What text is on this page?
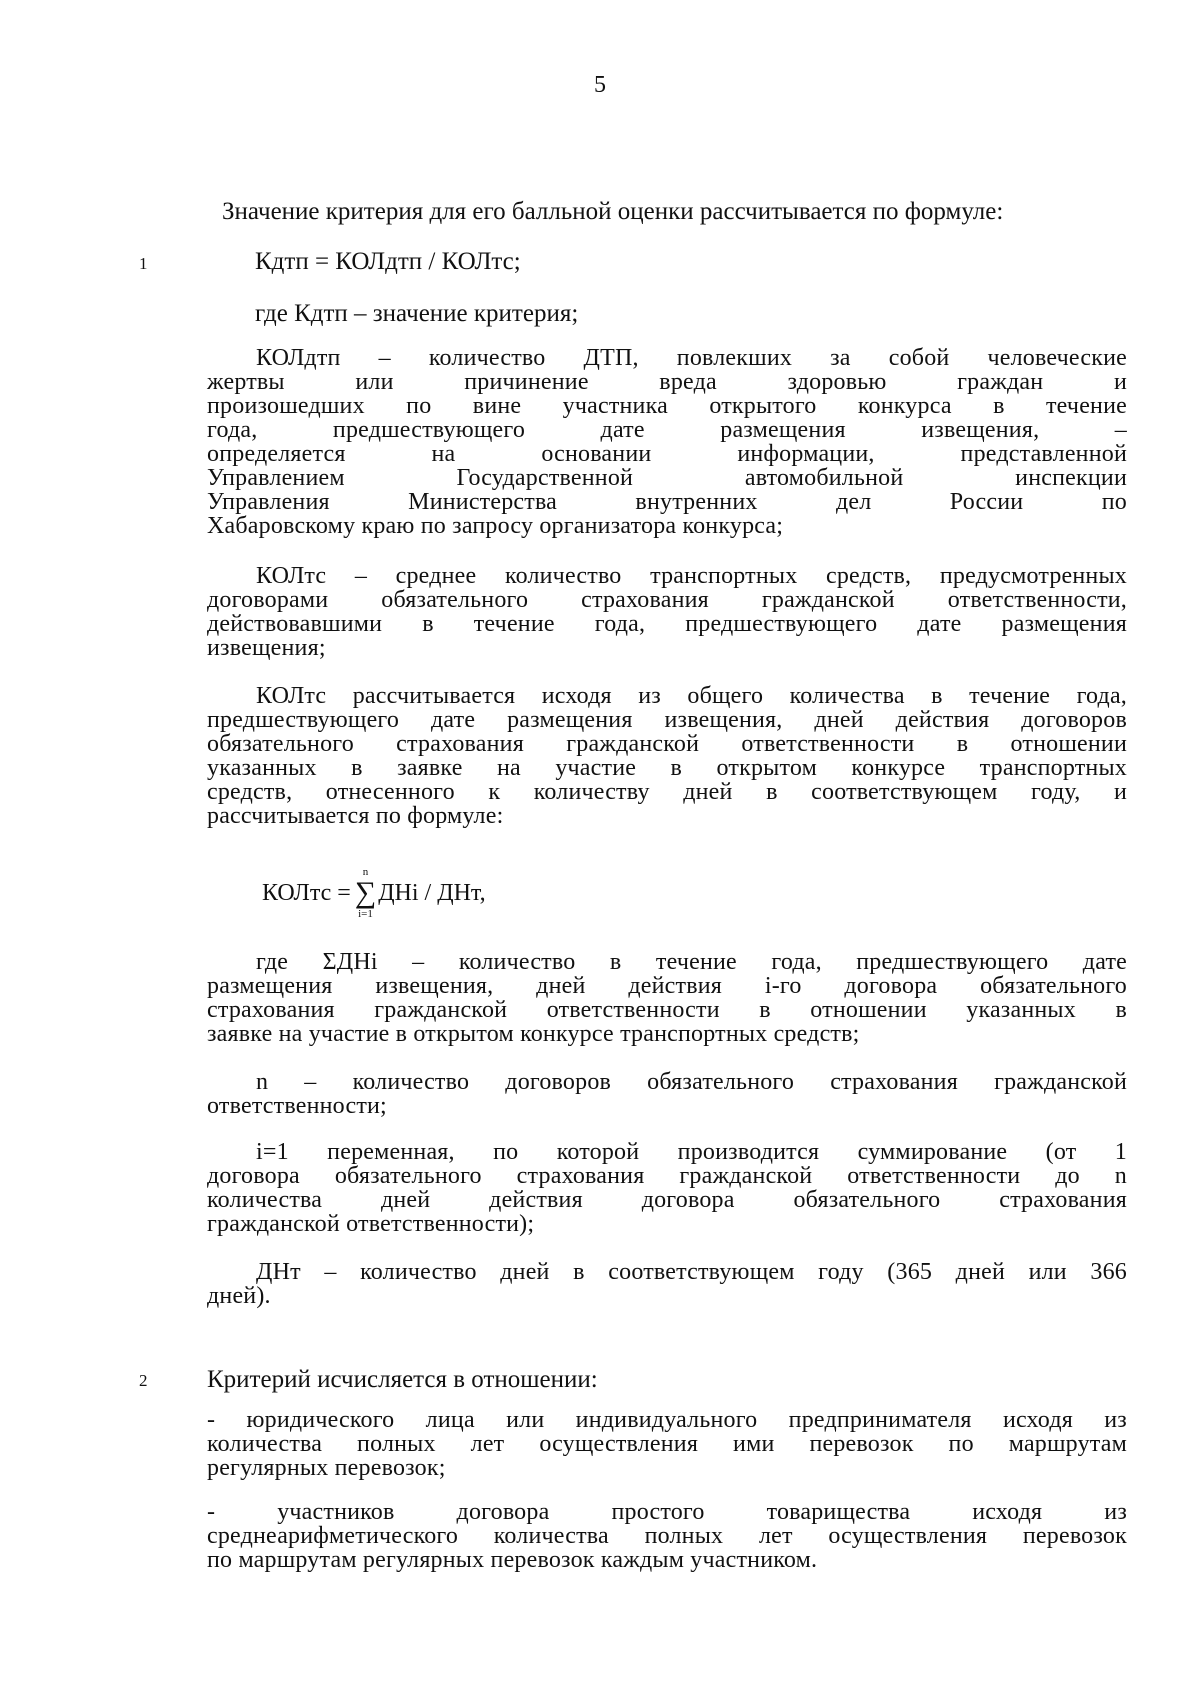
5
Значение критерия для его балльной оценки рассчитывается по формуле:
1	Кдтп = КОЛдтп / КОЛтс;
где Кдтп – значение критерия;
КОЛдтп – количество ДТП, повлекших за собой человеческие
жертвы или причинение вреда здоровью граждан и
произошедших по вине участника открытого конкурса в течение
года, предшествующего дате размещения извещения, –
определяется на основании информации, представленной
Управлением Государственной автомобильной инспекции
Управления Министерства внутренних дел России по
Хабаровскому краю по запросу организатора конкурса;
КОЛтс – среднее количество транспортных средств, предусмотренных
договорами обязательного страхования гражданской ответственности,
действовавшими в течение года, предшествующего дате размещения
извещения;
КОЛтс рассчитывается исходя из общего количества в течение года,
предшествующего дате размещения извещения, дней действия договоров
обязательного страхования гражданской ответственности в отношении
указанных в заявке на участие в открытом конкурсе транспортных
средств, отнесенного к количеству дней в соответствующем году, и
рассчитывается по формуле:
КОЛтс =
n
∑
i=1
ДНi / ДНт,
где ΣДНi – количество в течение года, предшествующего дате
размещения извещения, дней действия i-го договора обязательного
страхования гражданской ответственности в отношении указанных в
заявке на участие в открытом конкурсе транспортных средств;
n – количество договоров обязательного страхования гражданской
ответственности;
i=1 переменная, по которой производится суммирование (от 1
договора обязательного страхования гражданской ответственности до n
количества дней действия договора обязательного страхования
гражданской ответственности);
ДНт – количество дней в соответствующем году (365 дней или 366
дней).
2 Критерий исчисляется в отношении:
- юридического лица или индивидуального предпринимателя исходя из
количества полных лет осуществления ими перевозок по маршрутам
регулярных перевозок;
- участников договора простого товарищества исходя из
среднеарифметического количества полных лет осуществления перевозок
по маршрутам регулярных перевозок каждым участником.
